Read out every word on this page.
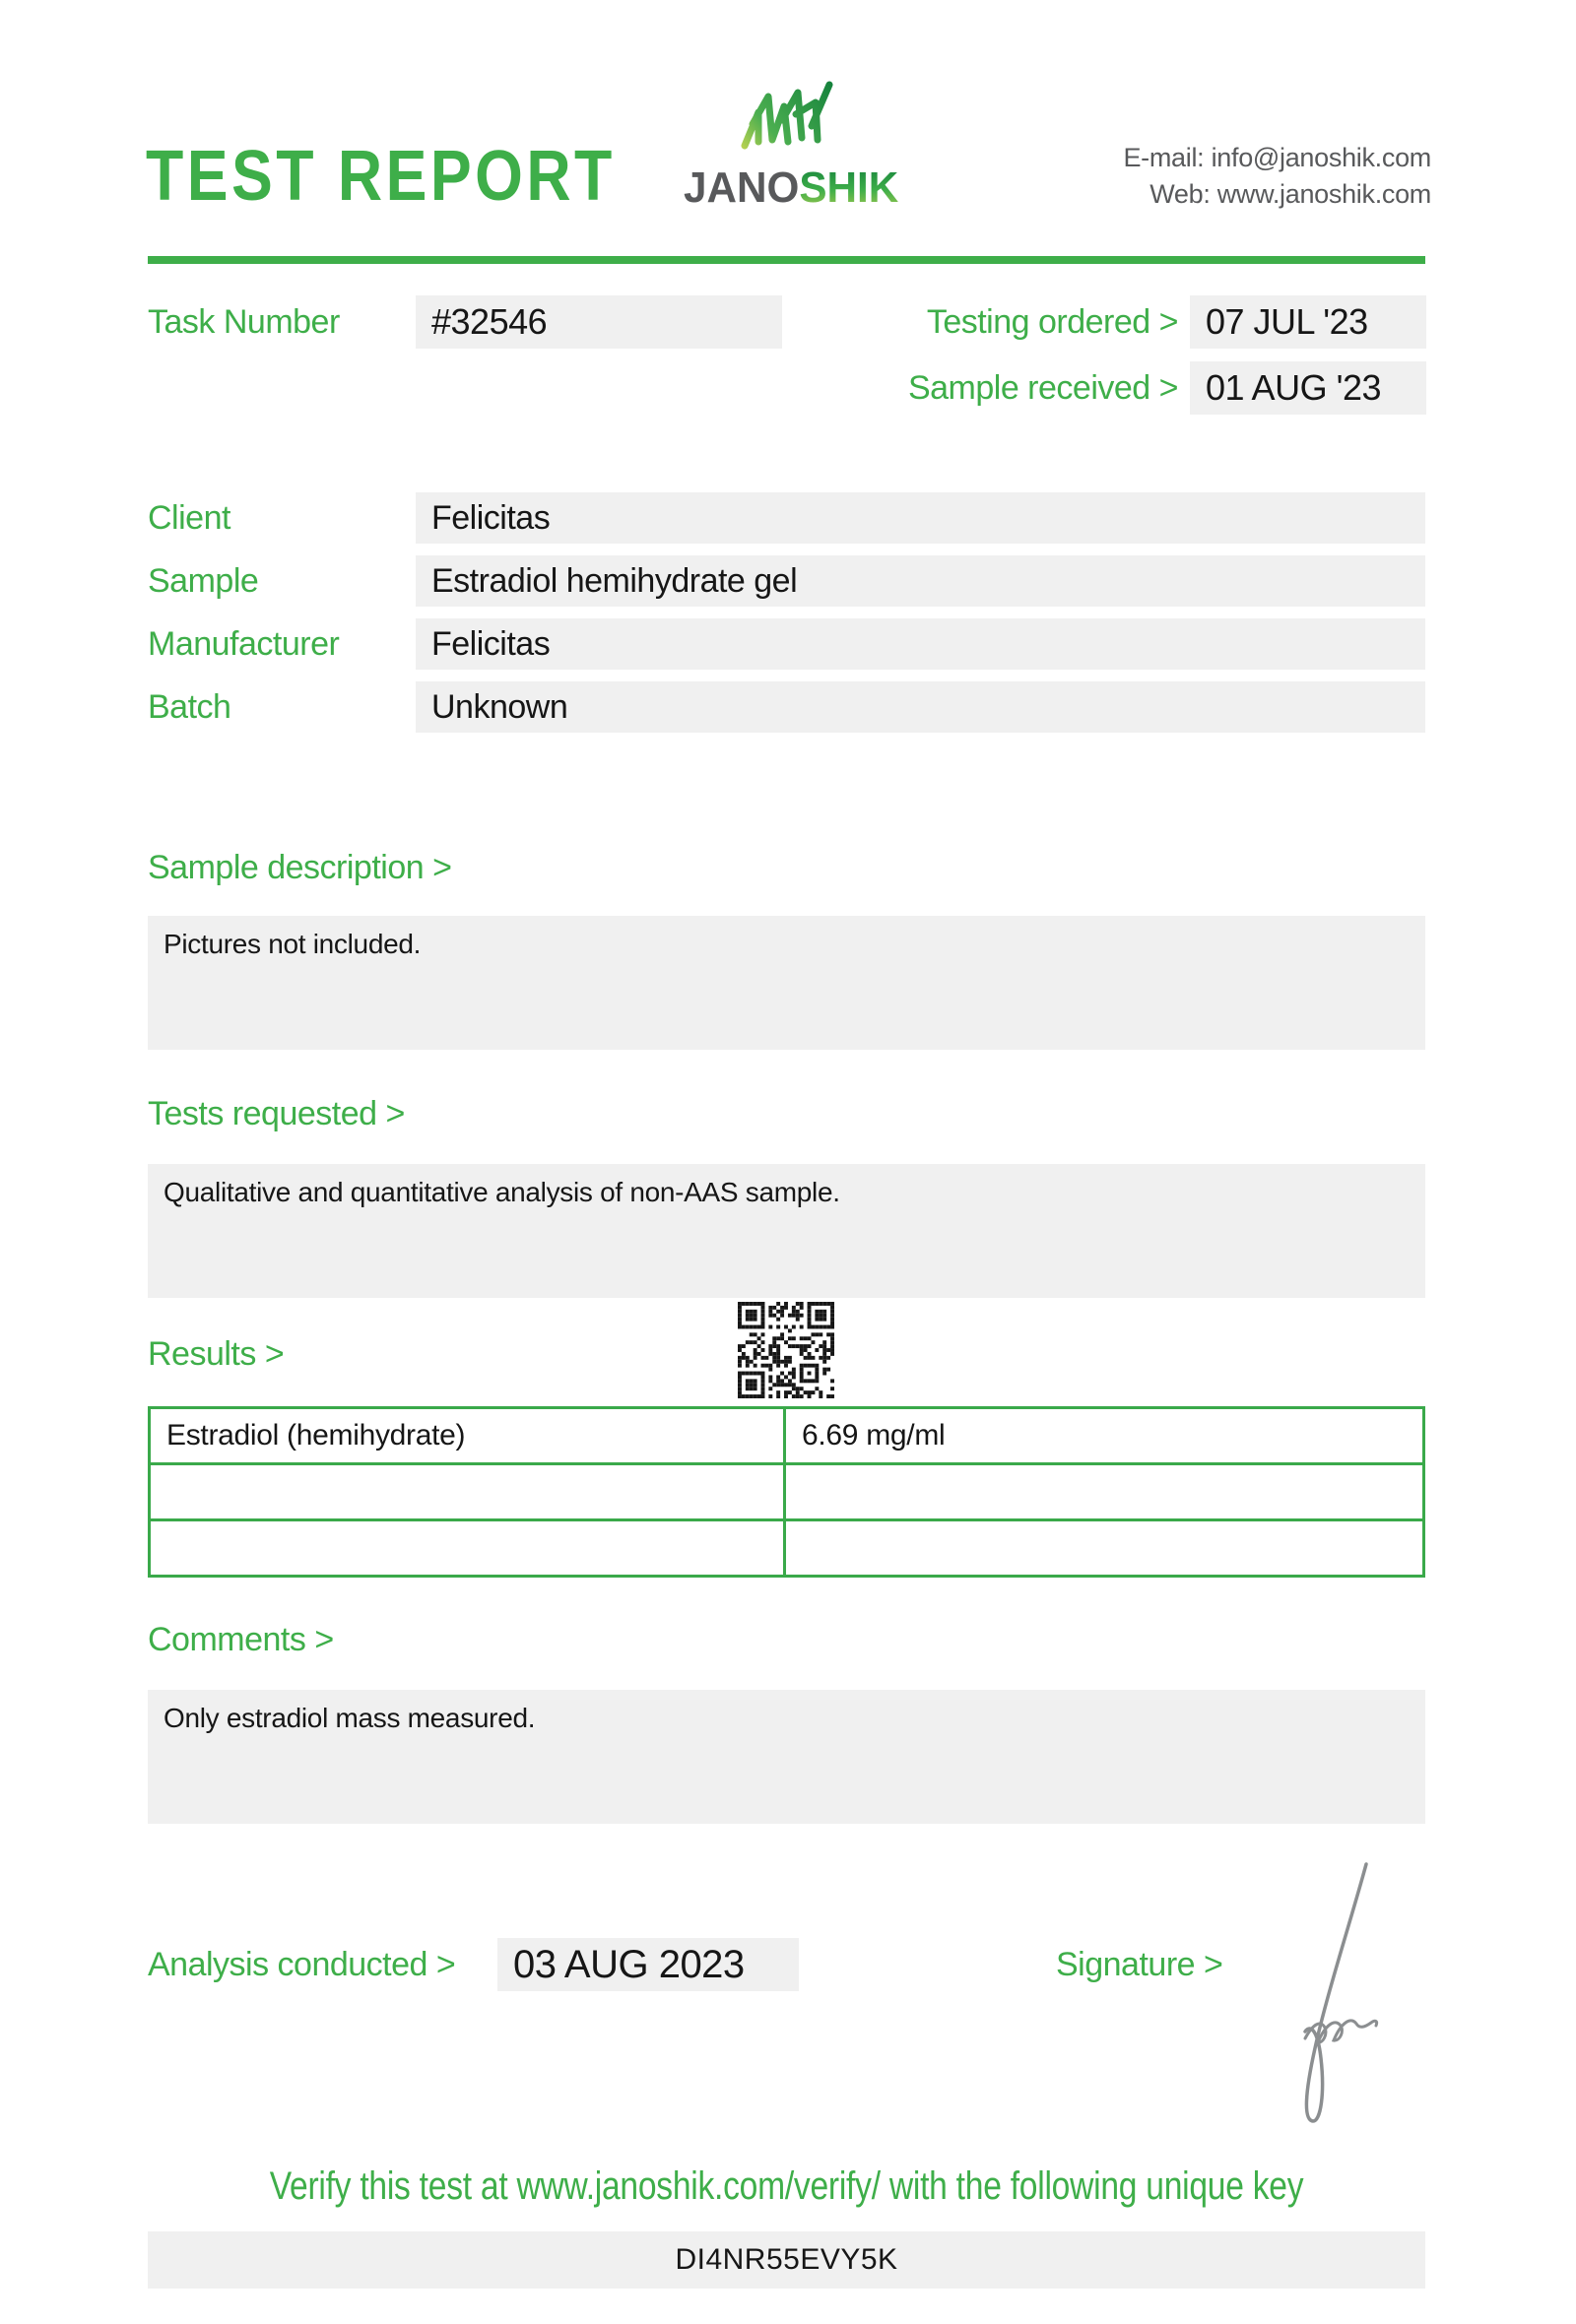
TEST REPORT JANOSHIK
E-mail: info@janoshik.com
Web: www.janoshik.com
Task Number	#32546	Testing ordered > 07 JUL '23
Sample received > 01 AUG '23
Client	Felicitas
Sample	Estradiol hemihydrate gel
Manufacturer	Felicitas
Batch	Unknown
Sample description >
Pictures not included.
Tests requested >
Qualitative and quantitative analysis of non-AAS sample.
Results >
Estradiol (hemihydrate)	6.69 mg/ml
Comments >
Only estradiol mass measured.
Analysis conducted > 03 AUG 2023	Signature >
Verify this test at www.janoshik.com/verify/ with the following unique key
DI4NR55EVY5K
